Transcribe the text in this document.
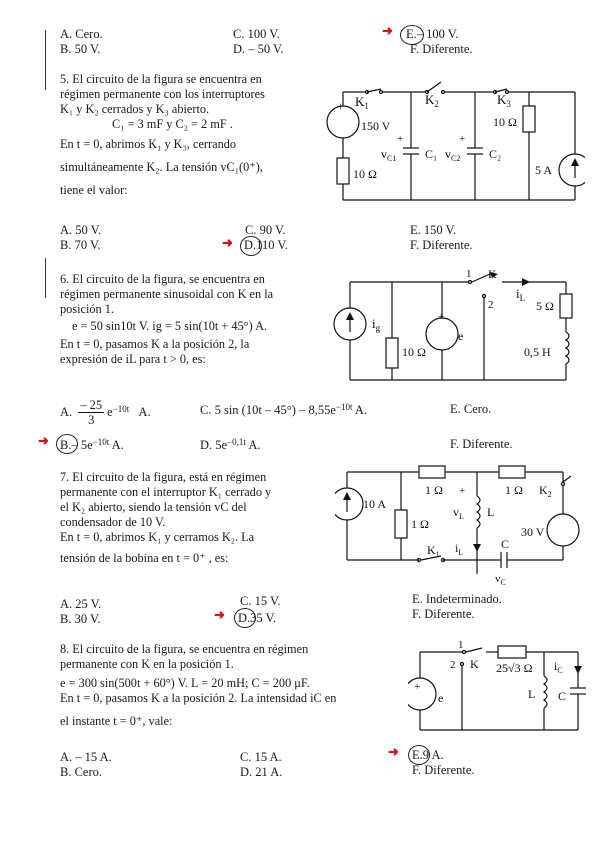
A. Cero.
B. 50 V.
C. 100 V.
D. – 50 V.
➜ E.– 100 V.
F. Diferente.
5. El circuito de la figura se encuentra en
régimen permanente con los interruptores
K₁ y K₂ cerrados y K₃ abierto.
C₁ = 3 mF y C₂ = 2 mF .
En t = 0, abrimos K₁ y K₃, cerrando
simultáneamente K₂. La tensión vC₁(0⁺),
tiene el valor:
+ $K_1$
150 V
10 Ω
$K_2$	$K_3$
10 Ω
+
$v_{C1}$ C₁
+
$v_{C2}$ C₂
5 A
A. 50 V.
B. 70 V.
C. 90 V.
➜ D.110 V.
E. 150 V.
F. Diferente.
6. El circuito de la figura, se encuentra en
régimen permanente sinusoidal con K en la
posición 1.
e = 50 sin10t V. ig = 5 sin(10t + 45°) A.
En t = 0, pasamos K a la posición 2, la
expresión de iL para t > 0, es:
$i_g$
10 Ω
e
+
1
2
K
$i_L$
5 Ω
0,5 H
A. $\frac{- 25}{3} e^{-10t}$ A.	C. 5 $\sin (10t - 45^\circ) - 8,55e^{-10t}$ A.	E. Cero.
➜ B.– $5e^{-10t}$ A.	D. $5e^{-0,1t}$ A.	F. Diferente.
7. El circuito de la figura, está en régimen
permanente con el interruptor K₁ cerrado y
el K₂ abierto, siendo la tensión vC del
condensador de 10 V.
En t = 0, abrimos K₁ y cerramos K₂. La
tensión de la bobina en t = 0⁺ , es:
10 A
1 Ω	1 Ω
1 Ω
+
$v_L$ L
$K_1$ $i_L$
C
$v_C$
$K_2$
30 V
A. 25 V.
B. 30 V.
C. 15 V.
➜ D.35 V.
E. Indeterminado.
F. Diferente.
8. El circuito de la figura, se encuentra en régimen
permanente con K en la posición 1.
e = 300 sin(500t + 60°) V. L = 20 mH; C = 200 μF.
En t = 0, pasamos K a la posición 2. La intensidad iC en
el instante t = 0⁺, vale:
1
2 K 25√3 Ω $i_C$
L C
+
e
A. – 15 A.
B. Cero.
C. 15 A.
D. 21 A.
➜ E.9 A.
F. Diferente.
